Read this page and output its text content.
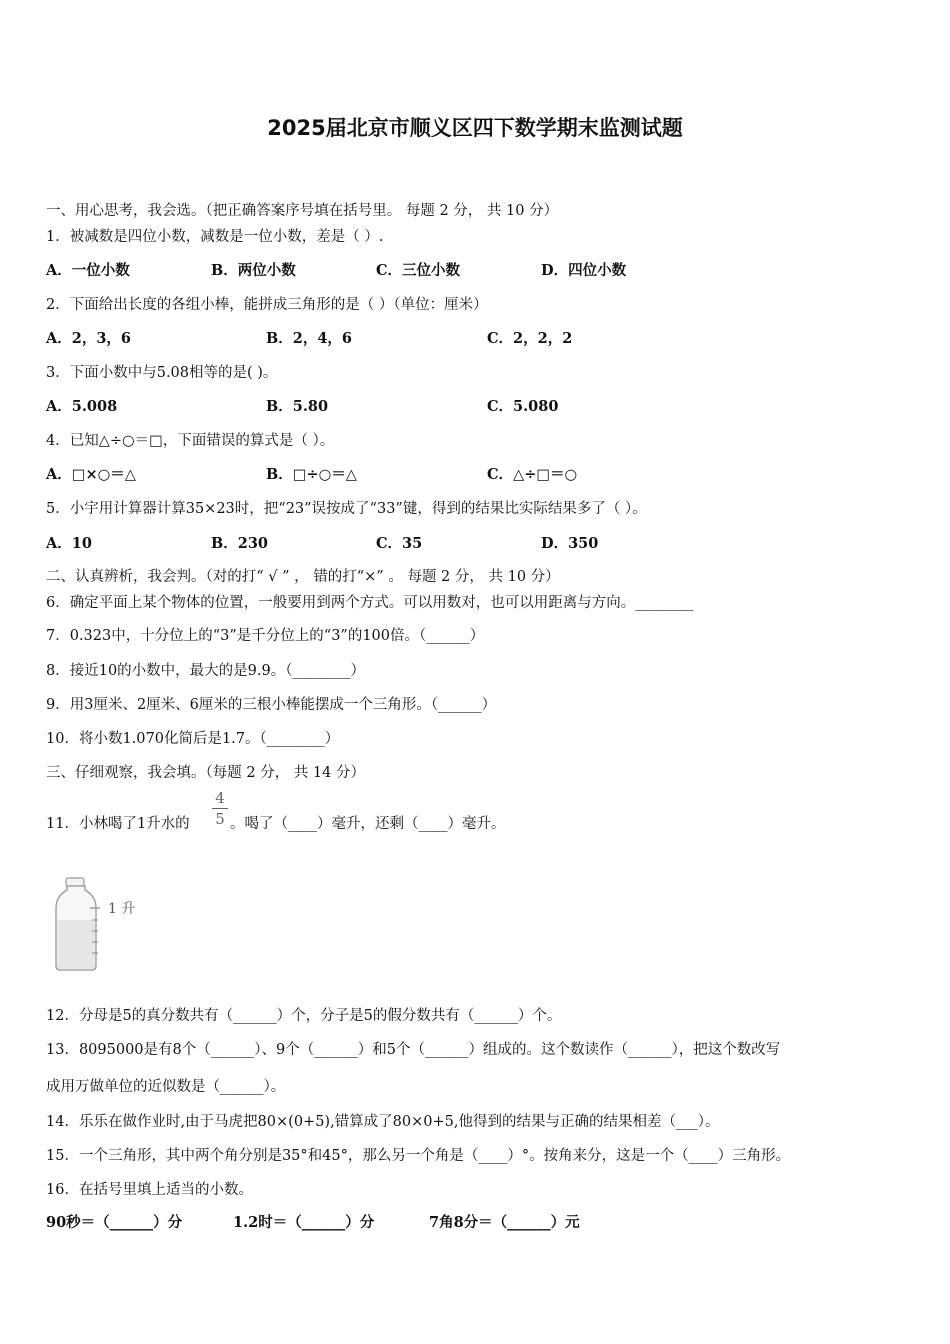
2025届北京市顺义区四下数学期末监测试题
一、用心思考，我会选。（把正确答案序号填在括号里。 每题 2 分， 共 10 分）
1．被减数是四位小数，减数是一位小数，差是（ ）.
A．一位小数	B．两位小数	C．三位小数	D．四位小数
2．下面给出长度的各组小棒，能拼成三角形的是（ ）（单位：厘米）
A．2，3，6	B．2，4，6	C．2，2，2
3．下面小数中与5.08相等的是( )。
A．5.008	B．5.80	C．5.080
4．已知△÷○＝□，下面错误的算式是（ ）。
A．□×○＝△	B．□÷○＝△	C．△÷□＝○
5．小宇用计算器计算35×23时，把“23”误按成了“33”键，得到的结果比实际结果多了（ ）。
A．10	B．230	C．35	D．350
二、认真辨析，我会判。（对的打“ √ ” ， 错的打“×” 。 每题 2 分， 共 10 分）
6．确定平面上某个物体的位置，一般要用到两个方式。可以用数对，也可以用距离与方向。________
7．0.323中，十分位上的“3”是千分位上的“3”的100倍。（______）
8．接近10的小数中，最大的是9.9。（________）
9．用3厘米、2厘米、6厘米的三根小棒能摆成一个三角形。（______）
10．将小数1.070化简后是1.7。（________）
三、仔细观察，我会填。（每题 2 分， 共 14 分）
11．小林喝了1升水的
4
5 。喝了（____）毫升，还剩（____）毫升。
1 升
12．分母是5的真分数共有（______）个，分子是5的假分数共有（______）个。
13．8095000是有8个（______）、9个（______）和5个（______）组成的。这个数读作（______），把这个数改写
成用万做单位的近似数是（______）。
14．乐乐在做作业时,由于马虎把80×(0+5),错算成了80×0+5,他得到的结果与正确的结果相差（___）。
15．一个三角形，其中两个角分别是35°和45°，那么另一个角是（____）°。按角来分，这是一个（____）三角形。
16．在括号里填上适当的小数。
90秒＝（______）分	1.2时＝（______）分	7角8分＝（______）元
